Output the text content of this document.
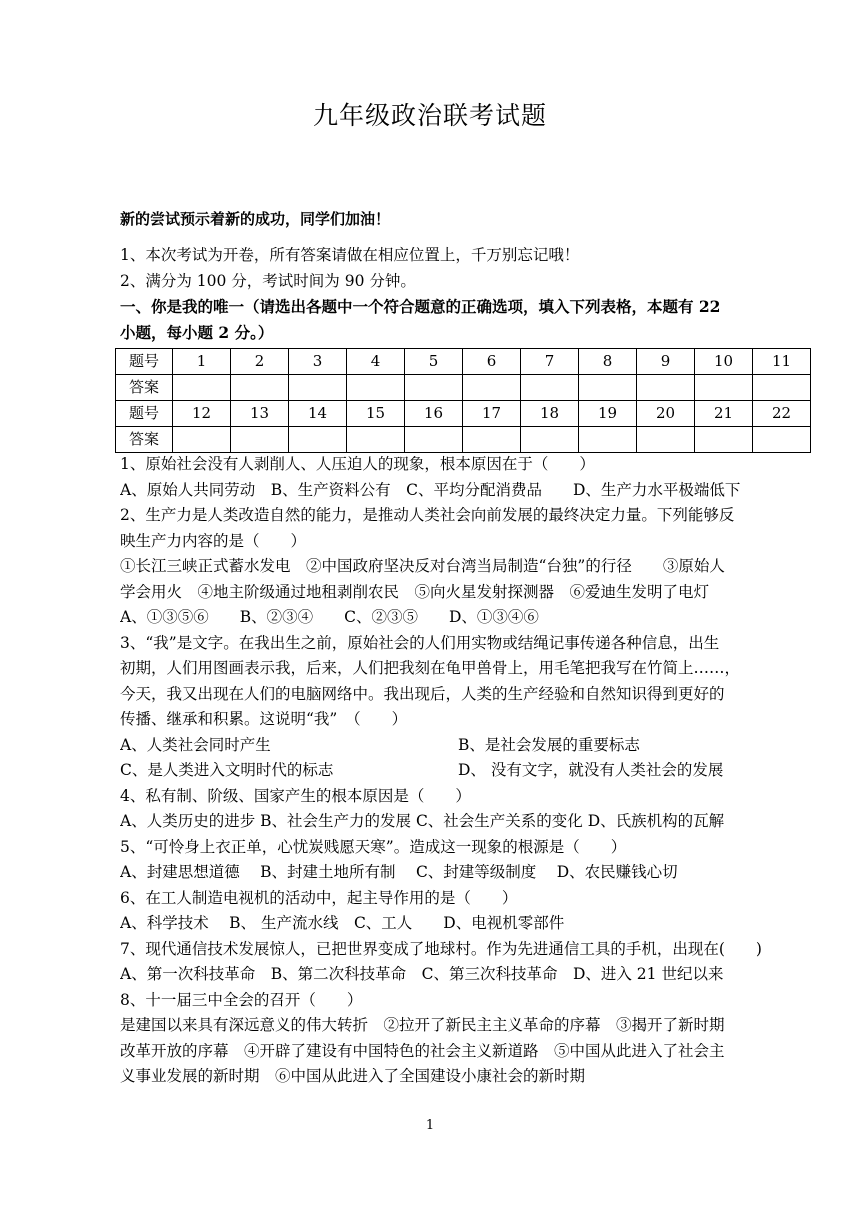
九年级政治联考试题
新的尝试预示着新的成功，同学们加油！
1、本次考试为开卷，所有答案请做在相应位置上，千万别忘记哦！
2、满分为 100 分，考试时间为 90 分钟。
一、你是我的唯一（请选出各题中一个符合题意的正确选项，填入下列表格，本题有 22
小题，每小题 2 分。）
题号	1	2	3	4	5	6	7	8	9	10	11
答案											
题号	12	13	14	15	16	17	18	19	20	21	22
答案											
1、原始社会没有人剥削人、人压迫人的现象，根本原因在于（　　）
A、原始人共同劳动　B、生产资料公有　C、平均分配消费品　　D、生产力水平极端低下
2、生产力是人类改造自然的能力，是推动人类社会向前发展的最终决定力量。下列能够反
映生产力内容的是（　　）
①长江三峡正式蓄水发电　②中国政府坚决反对台湾当局制造“台独”的行径　　③原始人
学会用火　④地主阶级通过地租剥削农民　⑤向火星发射探测器　⑥爱迪生发明了电灯
A、①③⑤⑥　　B、②③④　　C、②③⑤　　D、①③④⑥
3、“我”是文字。在我出生之前，原始社会的人们用实物或结绳记事传递各种信息，出生
初期，人们用图画表示我，后来，人们把我刻在龟甲兽骨上，用毛笔把我写在竹简上……，
今天，我又出现在人们的电脑网络中。我出现后，人类的生产经验和自然知识得到更好的
传播、继承和积累。这说明“我”　（　　）
A、人类社会同时产生	B、是社会发展的重要标志
C、是人类进入文明时代的标志	D、 没有文字，就没有人类社会的发展
4、私有制、阶级、国家产生的根本原因是（　　）
A、人类历史的进步 B、社会生产力的发展 C、社会生产关系的变化 D、氏族机构的瓦解
5、“可怜身上衣正单，心忧炭贱愿天寒”。造成这一现象的根源是（　　）
A、封建思想道德　 B、封建土地所有制　 C、封建等级制度　 D、农民赚钱心切
6、在工人制造电视机的活动中，起主导作用的是（　　）
A、科学技术　 B、 生产流水线　C、工人　　D、电视机零部件
7、现代通信技术发展惊人，已把世界变成了地球村。作为先进通信工具的手机，出现在(　　)
A、第一次科技革命　B、第二次科技革命　C、第三次科技革命　D、进入 21 世纪以来
8、十一届三中全会的召开（　　）
是建国以来具有深远意义的伟大转折　②拉开了新民主主义革命的序幕　③揭开了新时期
改革开放的序幕　④开辟了建设有中国特色的社会主义新道路　⑤中国从此进入了社会主
义事业发展的新时期　⑥中国从此进入了全国建设小康社会的新时期
1
